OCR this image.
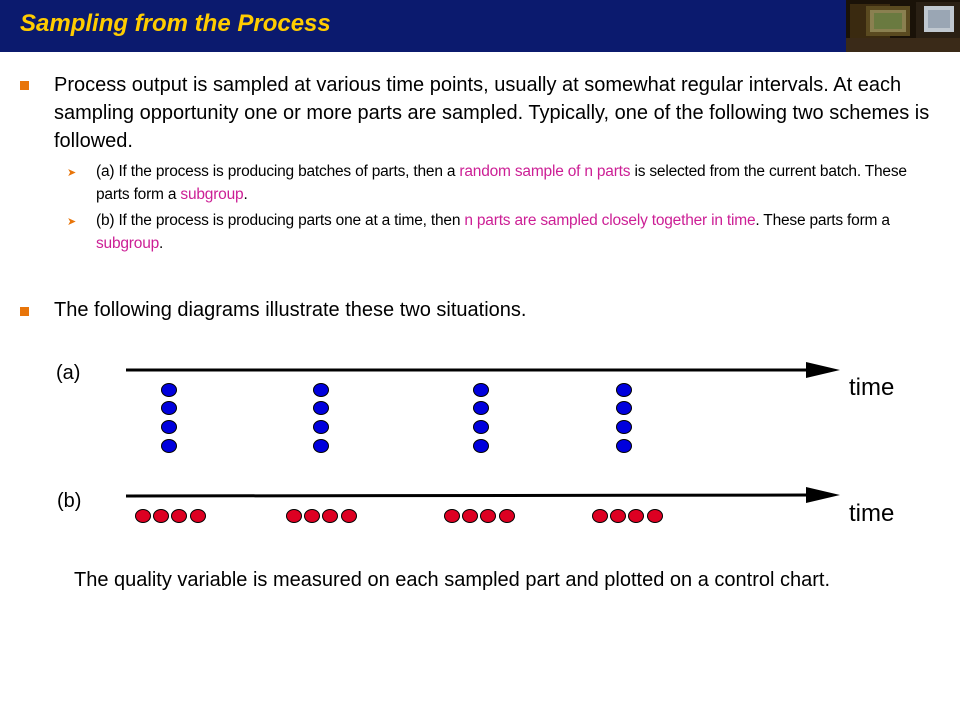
Sampling from the Process
Process output is sampled at various time points, usually at somewhat regular intervals. At each sampling opportunity one or more parts are sampled. Typically, one of the following two schemes is followed.
➤ (a) If the process is producing batches of parts, then a random sample of n parts is selected from the current batch. These parts form a subgroup.
➤ (b) If the process is producing parts one at a time, then n parts are sampled closely together in time. These parts form a subgroup.
The following diagrams illustrate these two situations.
(a)
(b)
time
time
The quality variable is measured on each sampled part and plotted on a control chart.
